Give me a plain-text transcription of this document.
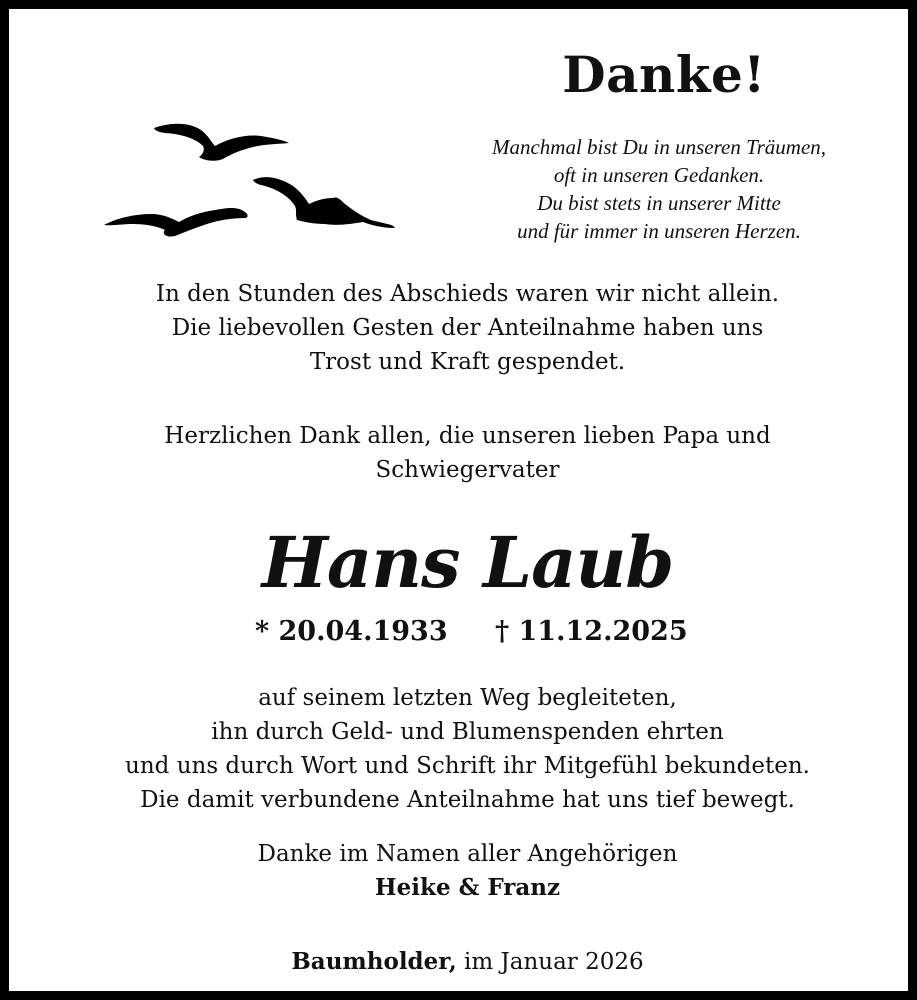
Danke!
Manchmal bist Du in unseren Träumen,
oft in unseren Gedanken.
Du bist stets in unserer Mitte
und für immer in unseren Herzen.
In den Stunden des Abschieds waren wir nicht allein.
Die liebevollen Gesten der Anteilnahme haben uns
Trost und Kraft gespendet.
Herzlichen Dank allen, die unseren lieben Papa und
Schwiegervater
Hans Laub
* 20.04.1933 † 11.12.2025
auf seinem letzten Weg begleiteten,
ihn durch Geld- und Blumenspenden ehrten
und uns durch Wort und Schrift ihr Mitgefühl bekundeten.
Die damit verbundene Anteilnahme hat uns tief bewegt.
Danke im Namen aller Angehörigen
Heike & Franz
Baumholder, im Januar 2026
